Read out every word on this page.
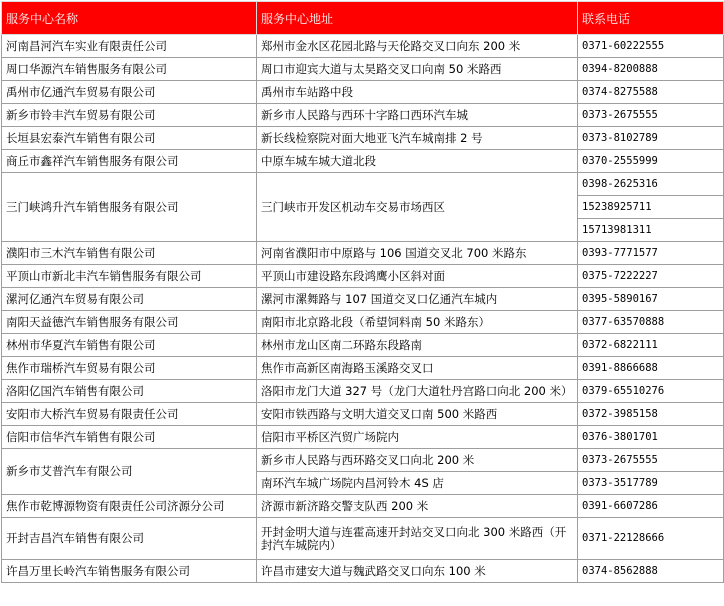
服务中心名称	服务中心地址	联系电话
河南昌河汽车实业有限责任公司	郑州市金水区花园北路与天伦路交叉口向东 200 米	0371-60222555
周口华源汽车销售服务有限公司	周口市迎宾大道与太昊路交叉口向南 50 米路西	0394-8200888
禹州市亿通汽车贸易有限公司	禹州市车站路中段	0374-8275588
新乡市铃丰汽车贸易有限公司	新乡市人民路与西环十字路口西环汽车城	0373-2675555
长垣县宏泰汽车销售有限公司	新长线检察院对面大地亚飞汽车城南排 2 号	0373-8102789
商丘市鑫祥汽车销售服务有限公司	中原车城车城大道北段	0370-2555999
三门峡鸿升汽车销售服务有限公司	三门峡市开发区机动车交易市场西区	0398-2625316
		15238925711
		15713981311
濮阳市三木汽车销售有限公司	河南省濮阳市中原路与 106 国道交叉北 700 米路东	0393-7771577
平顶山市新北丰汽车销售服务有限公司	平顶山市建设路东段鸿鹰小区斜对面	0375-7222227
漯河亿通汽车贸易有限公司	漯河市漯舞路与 107 国道交叉口亿通汽车城内	0395-5890167
南阳天益德汽车销售服务有限公司	南阳市北京路北段（希望饲料南 50 米路东）	0377-63570888
林州市华夏汽车销售有限公司	林州市龙山区南二环路东段路南	0372-6822111
焦作市瑞桥汽车贸易有限公司	焦作市高新区南海路玉溪路交叉口	0391-8866688
洛阳亿国汽车销售有限公司	洛阳市龙门大道 327 号（龙门大道牡丹宫路口向北 200 米）	0379-65510276
安阳市大桥汽车贸易有限责任公司	安阳市铁西路与文明大道交叉口南 500 米路西	0372-3985158
信阳市信华汽车销售有限公司	信阳市平桥区汽贸广场院内	0376-3801701
新乡市艾普汽车有限公司	新乡市人民路与西环路交叉口向北 200 米	0373-2675555
	南环汽车城广场院内昌河铃木 4S 店	0373-3517789
焦作市乾博源物资有限责任公司济源分公司	济源市新济路交警支队西 200 米	0391-6607286
开封吉昌汽车销售有限公司	开封金明大道与连霍高速开封站交叉口向北 300 米路西（开封汽车城院内）	0371-22128666
许昌万里长岭汽车销售服务有限公司	许昌市建安大道与魏武路交叉口向东 100 米	0374-8562888
